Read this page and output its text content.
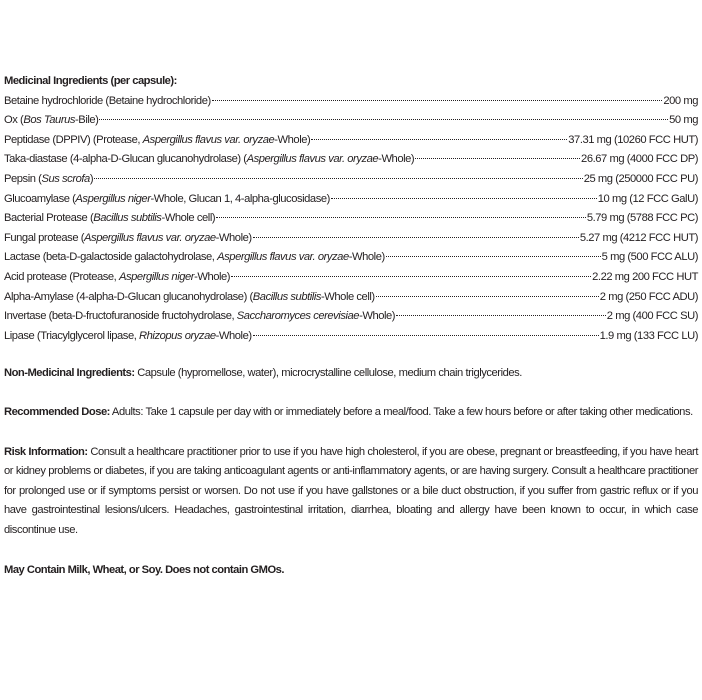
Medicinal Ingredients (per capsule):
Betaine hydrochloride (Betaine hydrochloride)	200 mg
Ox (Bos Taurus-Bile)	50 mg
Peptidase (DPPIV) (Protease, Aspergillus flavus var. oryzae-Whole)	37.31 mg (10260 FCC HUT)
Taka-diastase (4-alpha-D-Glucan glucanohydrolase) (Aspergillus flavus var. oryzae-Whole)	26.67 mg (4000 FCC DP)
Pepsin (Sus scrofa)	25 mg (250000 FCC PU)
Glucoamylase (Aspergillus niger-Whole, Glucan 1, 4-alpha-glucosidase)	10 mg (12 FCC GalU)
Bacterial Protease (Bacillus subtilis-Whole cell)	5.79 mg (5788 FCC PC)
Fungal protease (Aspergillus flavus var. oryzae-Whole)	5.27 mg (4212 FCC HUT)
Lactase (beta-D-galactoside galactohydrolase, Aspergillus flavus var. oryzae-Whole)	5 mg (500 FCC ALU)
Acid protease (Protease, Aspergillus niger-Whole)	2.22 mg 200 FCC HUT
Alpha-Amylase (4-alpha-D-Glucan glucanohydrolase) (Bacillus subtilis-Whole cell)	2 mg (250 FCC ADU)
Invertase (beta-D-fructofuranoside fructohydrolase, Saccharomyces cerevisiae-Whole)	2 mg (400 FCC SU)
Lipase (Triacylglycerol lipase, Rhizopus oryzae-Whole)	1.9 mg (133 FCC LU)

Non-Medicinal Ingredients: Capsule (hypromellose, water), microcrystalline cellulose, medium chain triglycerides.

Recommended Dose: Adults: Take 1 capsule per day with or immediately before a meal/food. Take a few hours before or after taking other medications.

Risk Information: Consult a healthcare practitioner prior to use if you have high cholesterol, if you are obese, pregnant or breastfeeding, if you have heart or kidney problems or diabetes, if you are taking anticoagulant agents or anti-inflammatory agents, or are having surgery. Consult a healthcare practitioner for prolonged use or if symptoms persist or worsen. Do not use if you have gallstones or a bile duct obstruction, if you suffer from gastric reflux or if you have gastrointestinal lesions/ulcers. Headaches, gastrointestinal irritation, diarrhea, bloating and allergy have been known to occur, in which case discontinue use.

May Contain Milk, Wheat, or Soy. Does not contain GMOs.
